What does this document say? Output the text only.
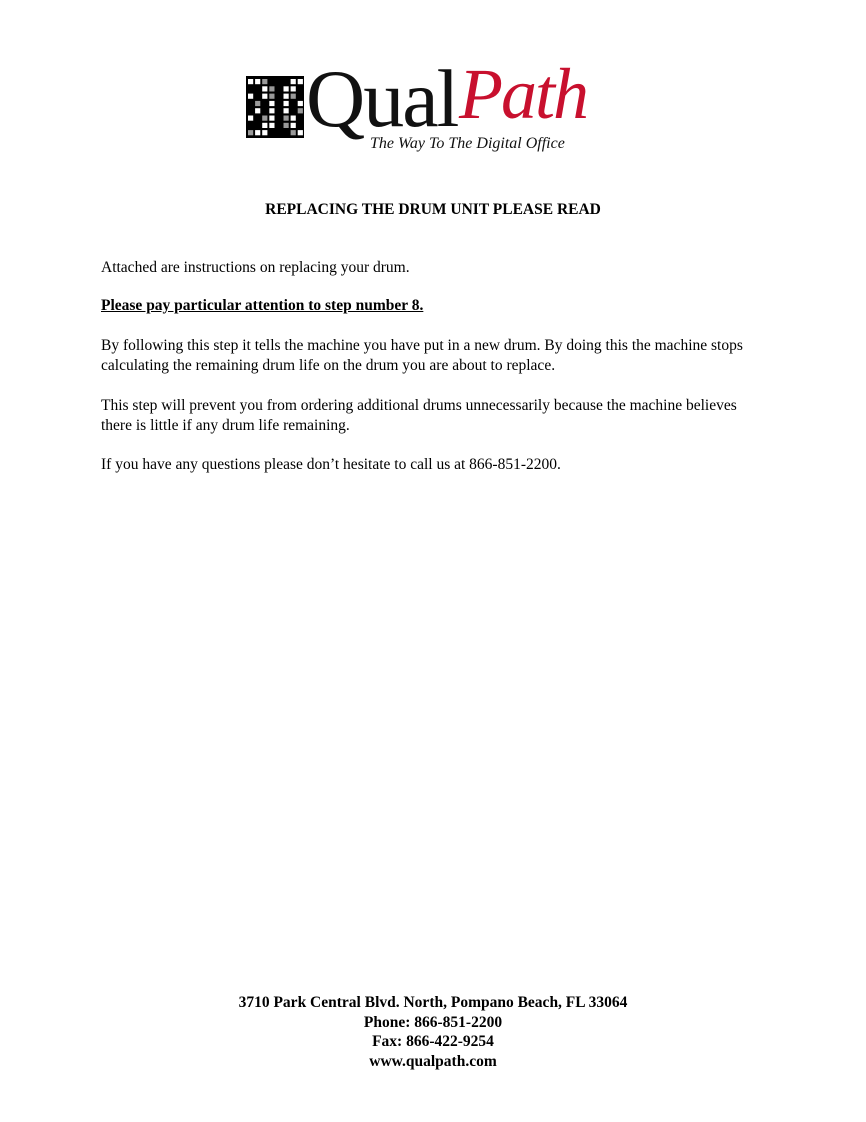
Qual Path
The Way To The Digital Office
REPLACING THE DRUM UNIT PLEASE READ
Attached are instructions on replacing your drum.
Please pay particular attention to step number 8.
By following this step it tells the machine you have put in a new drum. By doing this the machine stops calculating the remaining drum life on the drum you are about to replace.
This step will prevent you from ordering additional drums unnecessarily because the machine believes there is little if any drum life remaining.
If you have any questions please don’t hesitate to call us at 866-851-2200.
3710 Park Central Blvd. North, Pompano Beach, FL 33064
Phone: 866-851-2200
Fax: 866-422-9254
www.qualpath.com
